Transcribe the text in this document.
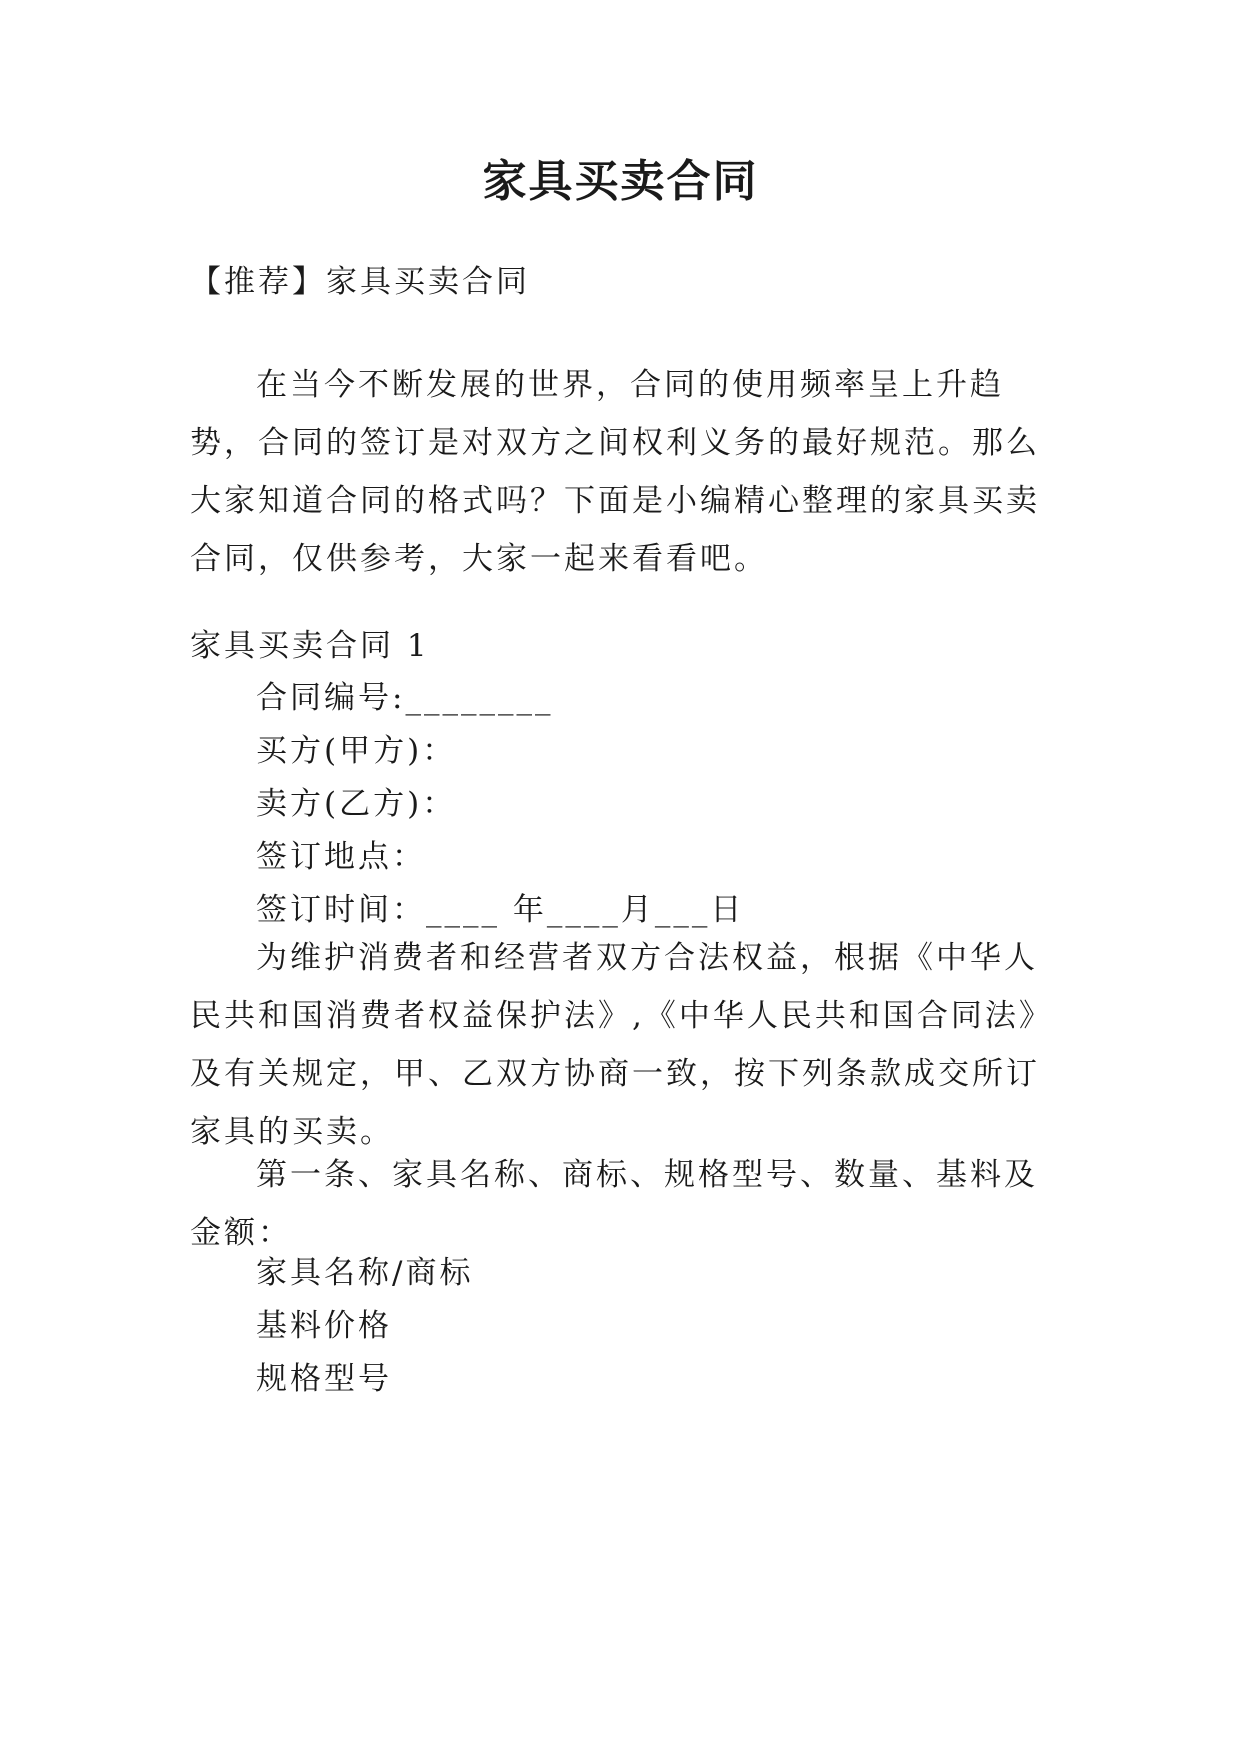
家具买卖合同

【推荐】家具买卖合同

在当今不断发展的世界，合同的使用频率呈上升趋势，合同的签订是对双方之间权利义务的最好规范。那么大家知道合同的格式吗？下面是小编精心整理的家具买卖合同，仅供参考，大家一起来看看吧。

家具买卖合同 1

合同编号:________

买方(甲方)：

卖方(乙方)：

签订地点：

签订时间：____ 年____月___日

为维护消费者和经营者双方合法权益，根据《中华人民共和国消费者权益保护法》,《中华人民共和国合同法》及有关规定，甲、乙双方协商一致，按下列条款成交所订家具的买卖。

第一条、家具名称、商标、规格型号、数量、基料及金额：

家具名称/商标

基料价格

规格型号
